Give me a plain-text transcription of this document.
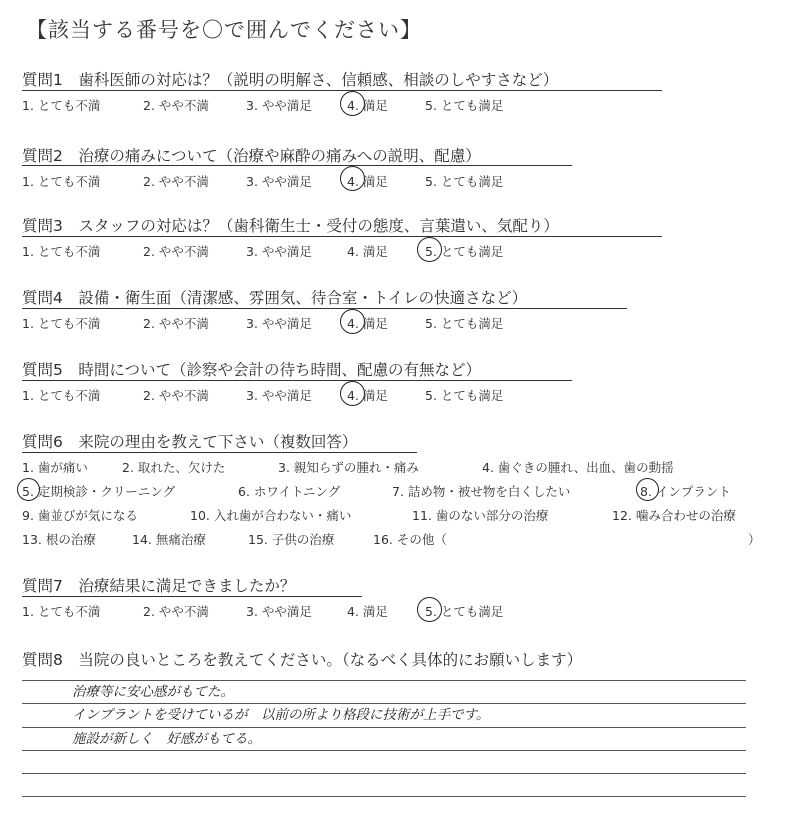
【該当する番号を〇で囲んでください】
質問1　歯科医師の対応は？（説明の明解さ、信頼感、相談のしやすさなど）
1. とても不満	2. やや不満	3. やや満足	4. 満足	5. とても満足
質問2　治療の痛みについて（治療や麻酔の痛みへの説明、配慮）
1. とても不満	2. やや不満	3. やや満足	4. 満足	5. とても満足
質問3　スタッフの対応は？（歯科衛生士・受付の態度、言葉遣い、気配り）
1. とても不満	2. やや不満	3. やや満足	4. 満足	5. とても満足
質問4　設備・衛生面（清潔感、雰囲気、待合室・トイレの快適さなど）
1. とても不満	2. やや不満	3. やや満足	4. 満足	5. とても満足
質問5　時間について（診察や会計の待ち時間、配慮の有無など）
1. とても不満	2. やや不満	3. やや満足	4. 満足	5. とても満足
質問6　来院の理由を教えて下さい（複数回答）
1. 歯が痛い	2. 取れた、欠けた	3. 親知らずの腫れ・痛み	4. 歯ぐきの腫れ、出血、歯の動揺
5. 定期検診・クリーニング	6. ホワイトニング	7. 詰め物・被せ物を白くしたい	8. インプラント
9. 歯並びが気になる	10. 入れ歯が合わない・痛い	11. 歯のない部分の治療	12. 噛み合わせの治療
13. 根の治療	14. 無痛治療	15. 子供の治療	16. その他（	）
質問7　治療結果に満足できましたか？
1. とても不満	2. やや不満	3. やや満足	4. 満足	5. とても満足
質問8　当院の良いところを教えてください。（なるべく具体的にお願いします）
治療等に安心感がもてた。
インプラントを受けているが　以前の所より格段に技術が上手です。
施設が新しく　好感がもてる。
